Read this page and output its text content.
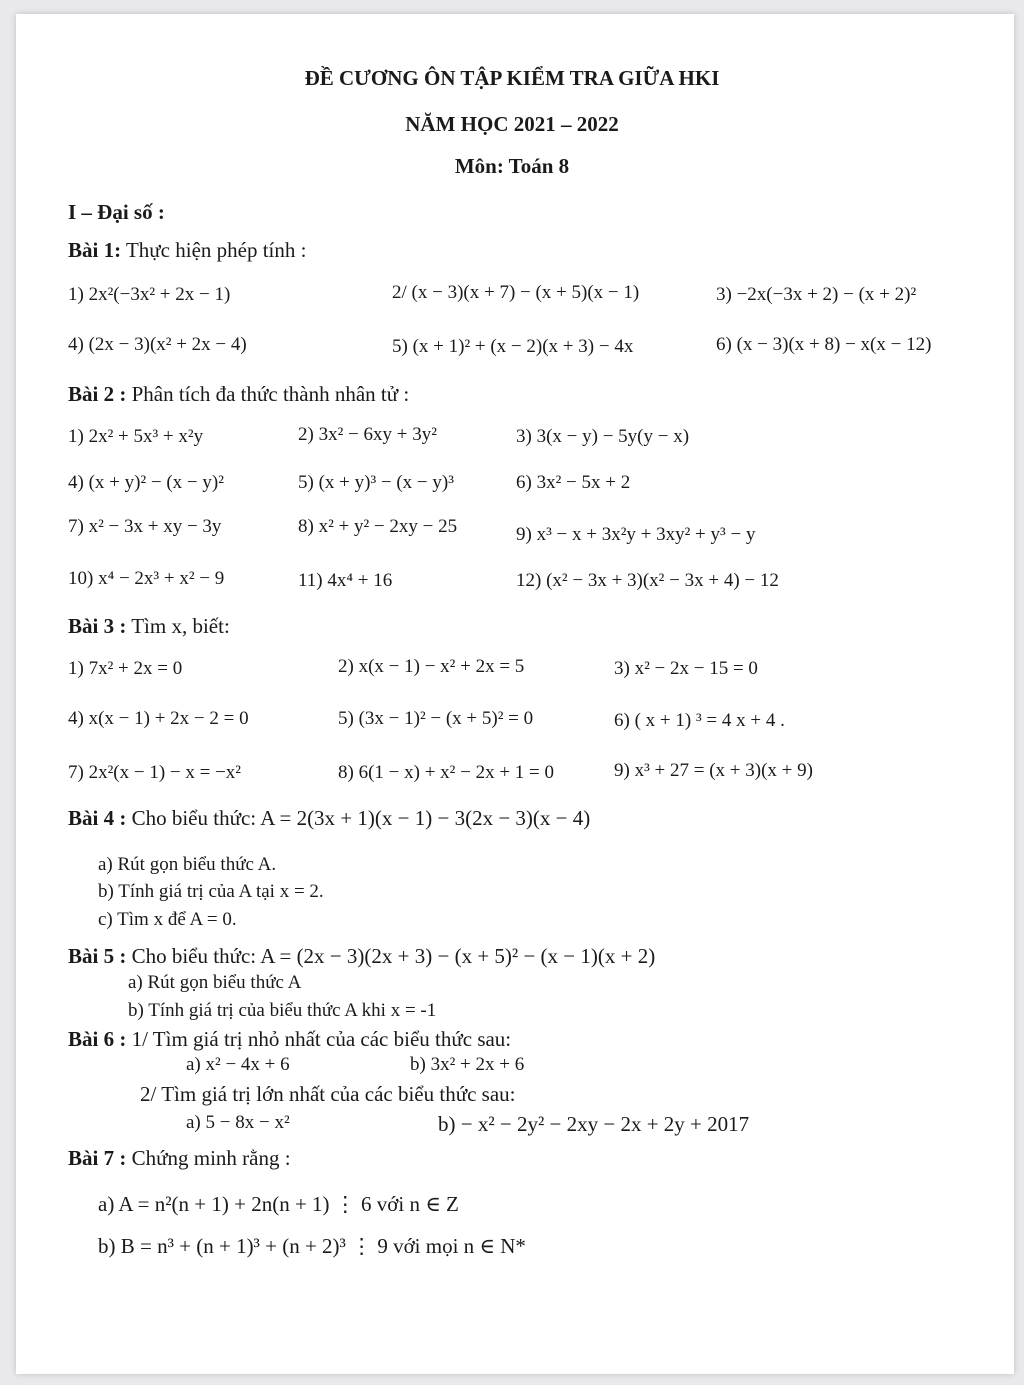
ĐỀ CƯƠNG ÔN TẬP KIỂM TRA GIỮA HKI
NĂM HỌC 2021 – 2022
Môn: Toán 8
I – Đại số :
Bài 1: Thực hiện phép tính :
1) 2x²(−3x² + 2x − 1)	2/ (x − 3)(x + 7) − (x + 5)(x − 1)	3) −2x(−3x + 2) − (x + 2)²
4) (2x − 3)(x² + 2x − 4)	5) (x + 1)² + (x − 2)(x + 3) − 4x	6) (x − 3)(x + 8) − x(x − 12)
Bài 2 : Phân tích đa thức thành nhân tử :
1) 2x² + 5x³ + x²y	2) 3x² − 6xy + 3y²	3) 3(x − y) − 5y(y − x)
4) (x + y)² − (x − y)²	5) (x + y)³ − (x − y)³	6) 3x² − 5x + 2
7) x² − 3x + xy − 3y	8) x² + y² − 2xy − 25	9) x³ − x + 3x²y + 3xy² + y³ − y
10) x⁴ − 2x³ + x² − 9	11) 4x⁴ + 16	12) (x² − 3x + 3)(x² − 3x + 4) − 12
Bài 3 : Tìm x, biết:
1) 7x² + 2x = 0	2) x(x − 1) − x² + 2x = 5	3) x² − 2x − 15 = 0
4) x(x − 1) + 2x − 2 = 0	5) (3x − 1)² − (x + 5)² = 0	6) ( x + 1) ³ = 4 x + 4 .
7) 2x²(x − 1) − x = −x²	8) 6(1 − x) + x² − 2x + 1 = 0	9) x³ + 27 = (x + 3)(x + 9)
Bài 4 : Cho biểu thức: A = 2(3x + 1)(x − 1) − 3(2x − 3)(x − 4)
a) Rút gọn biểu thức A.
b) Tính giá trị của A tại x = 2.
c) Tìm x để A = 0.
Bài 5 : Cho biểu thức: A = (2x − 3)(2x + 3) − (x + 5)² − (x − 1)(x + 2)
a) Rút gọn biểu thức A
b) Tính giá trị của biểu thức A khi x = -1
Bài 6 : 1/ Tìm giá trị nhỏ nhất của các biểu thức sau:
a) x² − 4x + 6	b) 3x² + 2x + 6
2/ Tìm giá trị lớn nhất của các biểu thức sau:
a) 5 − 8x − x²	b) − x² − 2y² − 2xy − 2x + 2y + 2017
Bài 7 : Chứng minh rằng :
a) A = n²(n + 1) + 2n(n + 1) ⋮ 6 với n ∈ Z
b) B = n³ + (n + 1)³ + (n + 2)³ ⋮ 9 với mọi n ∈ N*
